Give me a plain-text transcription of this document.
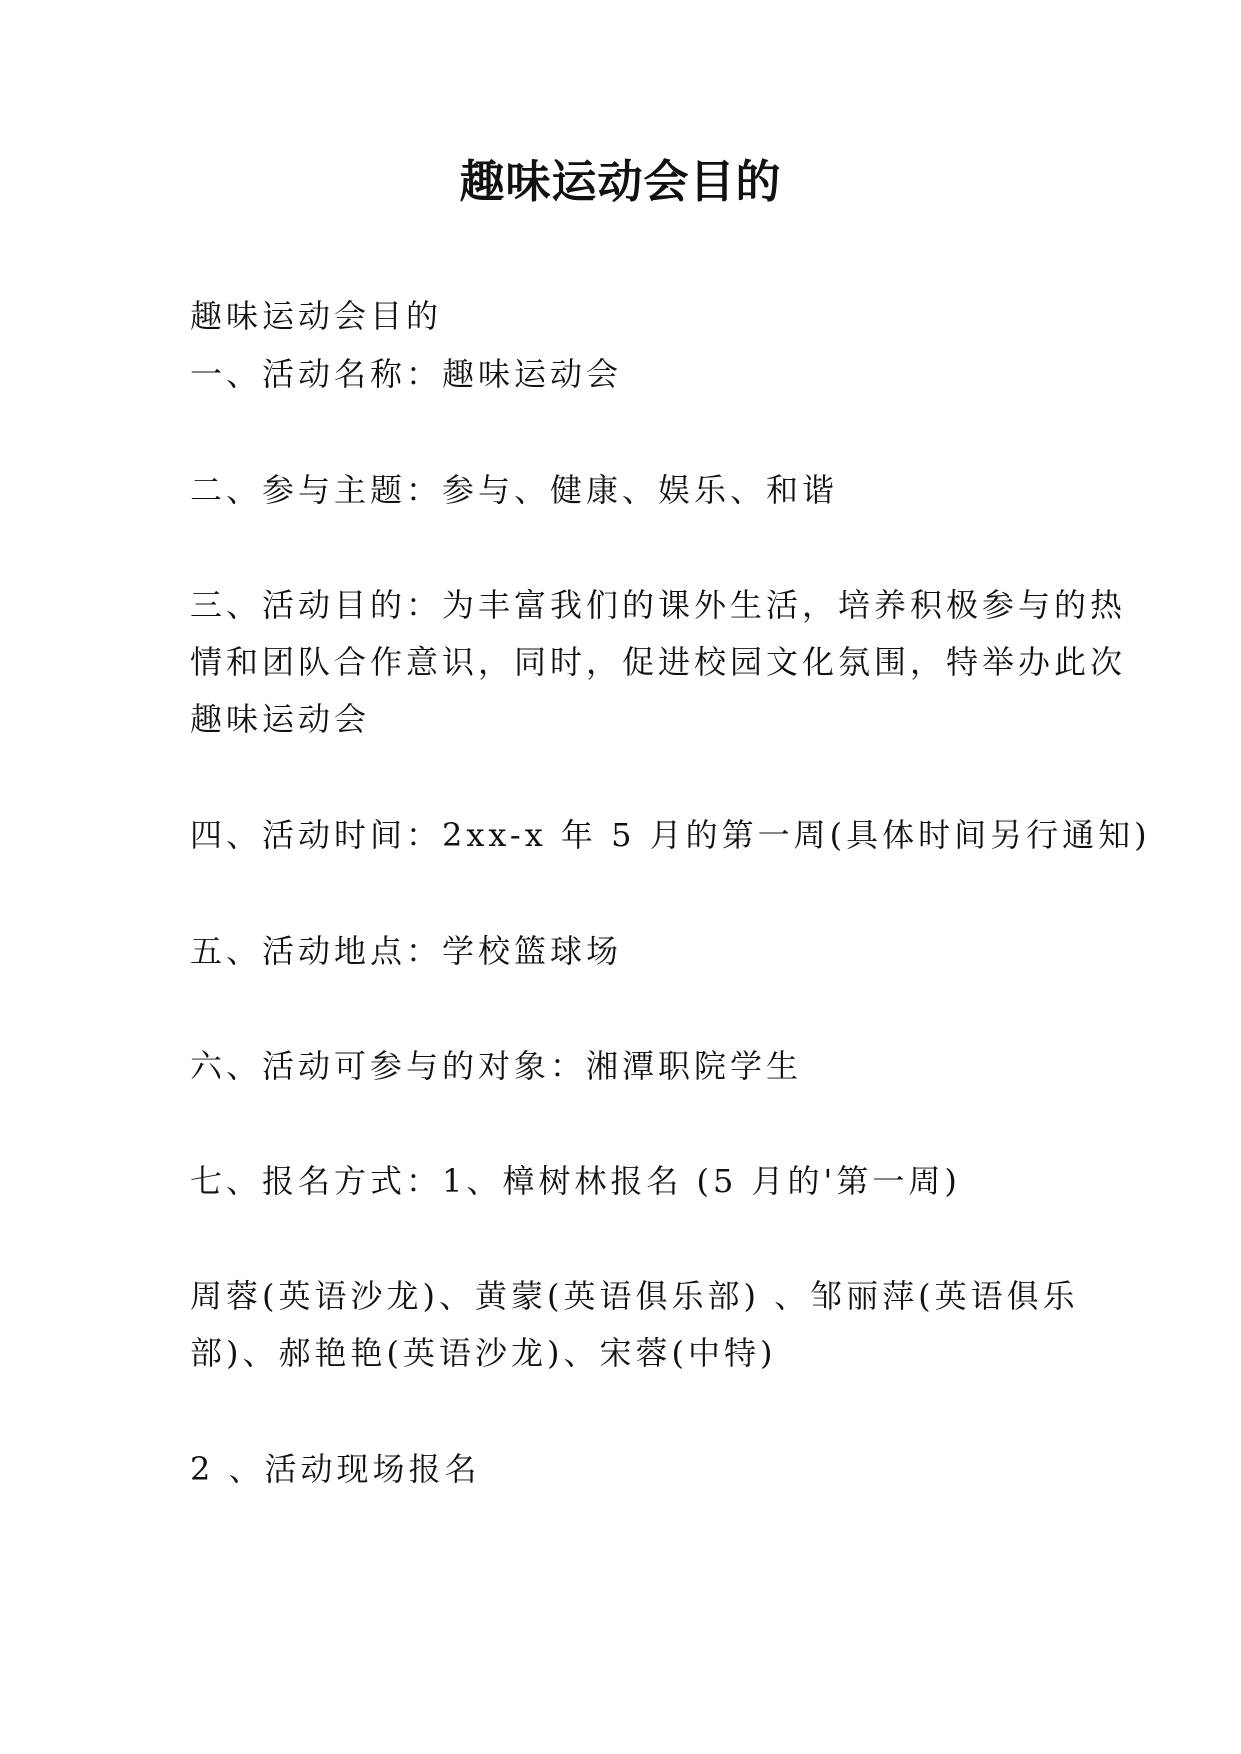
趣味运动会目的

趣味运动会目的

一、活动名称：趣味运动会

二、参与主题：参与、健康、娱乐、和谐

三、活动目的：为丰富我们的课外生活，培养积极参与的热
情和团队合作意识，同时，促进校园文化氛围，特举办此次
趣味运动会

四、活动时间：2xx-x 年 5 月的第一周(具体时间另行通知)

五、活动地点：学校篮球场

六、活动可参与的对象：湘潭职院学生

七、报名方式：1、樟树林报名 (5 月的'第一周)

周蓉(英语沙龙)、黄蒙(英语俱乐部) 、邹丽萍(英语俱乐
部)、郝艳艳(英语沙龙)、宋蓉(中特)

2 、活动现场报名
